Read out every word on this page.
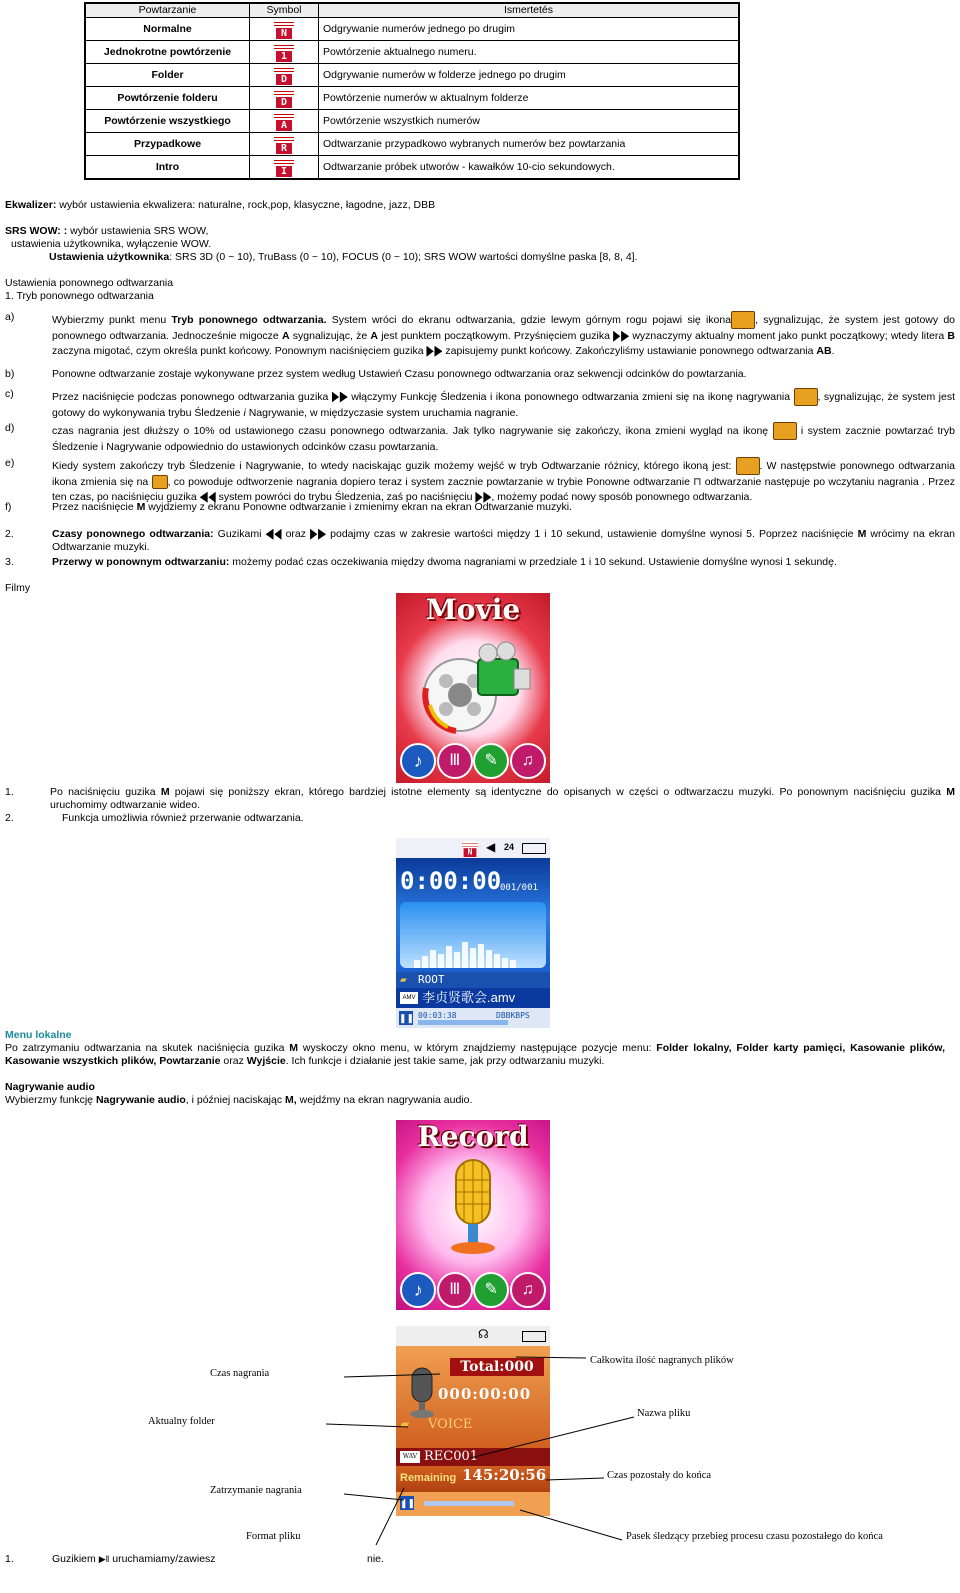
Powtarzanie	Symbol	Ismertetés
Normalne	N	Odgrywanie numerów jednego po drugim
Jednokrotne powtórzenie	1	Powtórzenie aktualnego numeru.
Folder	D	Odgrywanie numerów w folderze jednego po drugim
Powtórzenie folderu	D	Powtórzenie numerów w aktualnym folderze
Powtórzenie wszystkiego	A	Powtórzenie wszystkich numerów
Przypadkowe	R	Odtwarzanie przypadkowo wybranych numerów bez powtarzania
Intro	I	Odtwarzanie próbek utworów - kawałków 10-cio sekundowych.
Ekwalizer: wybór ustawienia ekwalizera: naturalne, rock,pop, klasyczne, łagodne, jazz, DBB
SRS WOW: : wybór ustawienia SRS WOW,
ustawienia użytkownika, wyłączenie WOW.
Ustawienia użytkownika: SRS 3D (0 ~ 10), TruBass (0 ~ 10), FOCUS (0 ~ 10); SRS WOW wartości domyślne paska [8, 8, 4].
Ustawienia ponownego odtwarzania
1. Tryb ponownego odtwarzania
a)	Wybierzmy punkt menu Tryb ponownego odtwarzania. System wróci do ekranu odtwarzania, gdzie lewym górnym rogu pojawi się ikona , sygnalizując, że system jest gotowy do ponownego odtwarzania. Jednocześnie migocze A sygnalizując, że A jest punktem początkowym. Przyśnięciem guzika  wyznaczymy aktualny moment jako punkt początkowy; wtedy litera B zaczyna migotać, czym określa punkt końcowy. Ponownym naciśnięciem guzika  zapisujemy punkt końcowy. Zakończyliśmy ustawianie ponownego odtwarzania AB.
b)	Ponowne odtwarzanie zostaje wykonywane przez system według Ustawień Czasu ponownego odtwarzania oraz sekwencji odcinków do powtarzania.
c)	Przez naciśnięcie podczas ponownego odtwarzania guzika  włączymy Funkcję Śledzenia i ikona ponownego odtwarzania zmieni się na ikonę nagrywania , sygnalizując, że system jest gotowy do wykonywania trybu Śledzenie i Nagrywanie, w międzyczasie system uruchamia nagranie.
d)	czas nagrania jest dłuższy o 10% od ustawionego czasu ponownego odtwarzania. Jak tylko nagrywanie się zakończy, ikona zmieni wygląd na ikonę  i system zacznie powtarzać tryb Śledzenie i Nagrywanie odpowiednio do ustawionych odcinków czasu powtarzania.
e)	Kiedy system zakończy tryb Śledzenie i Nagrywanie, to wtedy naciskając guzik możemy wejść w tryb Odtwarzanie różnicy, którego ikoną jest: . W następstwie ponownego odtwarzania ikona zmienia się na , co powoduje odtworzenie nagrania dopiero teraz i system zacznie powtarzanie w trybie Ponowne odtwarzanie ⊓ odtwarzanie następuje po wczytaniu nagrania . Przez ten czas, po naciśnięciu guzika  system powróci do trybu Śledzenia, zaś po naciśnięciu , możemy podać nowy sposób ponownego odtwarzania.
f)	Przez naciśnięcie M wyjdziemy z ekranu Ponowne odtwarzanie i zmienimy ekran na ekran Odtwarzanie muzyki.
2.	Czasy ponownego odtwarzania: Guzikami  oraz  podajmy czas w zakresie wartości między 1 i 10 sekund, ustawienie domyślne wynosi 5. Poprzez naciśnięcie M wrócimy na ekran Odtwarzanie muzyki.
3.	Przerwy w ponownym odtwarzaniu: możemy podać czas oczekiwania między dwoma nagraniami w przedziale 1 i 10 sekund. Ustawienie domyślne wynosi 1 sekundę.
Filmy
Movie
♪	Ⅲ	✎	♫
1.	Po naciśnięciu guzika M pojawi się poniższy ekran, którego bardziej istotne elementy są identyczne do opisanych w części o odtwarzaczu muzyki. Po ponownym naciśnięciu guzika M uruchomimy odtwarzanie wideo.
2.	Funkcja umożliwia również przerwanie odtwarzania.
N	◀ 24
0:00:00
001/001
▰ ROOT
AMV 李贞贤歌会.amv
❚❚ 00:03:38	DBBKBPS
Menu lokalne
Po zatrzymaniu odtwarzania na skutek naciśnięcia guzika M wyskoczy okno menu, w którym znajdziemy następujące pozycje menu: Folder lokalny, Folder karty pamięci, Kasowanie plików, Kasowanie wszystkich plików, Powtarzanie oraz Wyjście. Ich funkcje i działanie jest takie same, jak przy odtwarzaniu muzyki.
Nagrywanie audio
Wybierzmy funkcję Nagrywanie audio, i później naciskając M, wejdźmy na ekran nagrywania audio.
Record
♪	Ⅲ	✎	♫
☊
Total:000
000:00:00
▰ VOICE
WAV REC001
Remaining 145:20:56
❚❚
Czas nagrania
Aktualny folder
Zatrzymanie nagrania
Format pliku
Całkowita ilość nagranych plików
Nazwa pliku
Czas pozostały do końca
Pasek śledzący przebieg procesu czasu pozostałego do końca
1.	Guzikiem ▶‖ uruchamiamy/zawiesz	nie.
